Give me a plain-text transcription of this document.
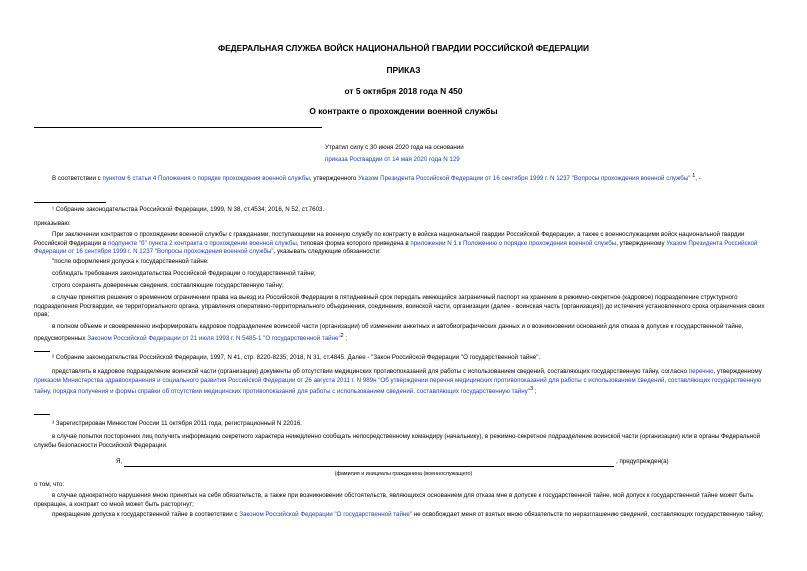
ФЕДЕРАЛЬНАЯ СЛУЖБА ВОЙСК НАЦИОНАЛЬНОЙ ГВАРДИИ РОССИЙСКОЙ ФЕДЕРАЦИИ
ПРИКАЗ
от 5 октября 2018 года N 450
О контракте о прохождении военной службы
Утратил силу с 30 июня 2020 года на основании
приказа Росгвардии от 14 мая 2020 года N 129
В соответствии с пунктом 6 статьи 4 Положения о порядке прохождения военной службы, утвержденного Указом Президента Российской Федерации от 16 сентября 1999 г. N 1237 "Вопросы прохождения военной службы" $^1$, -
¹ Собрание законодательства Российской Федерации, 1999, N 38, ст.4534; 2016, N 52, ст.7603.
приказываю:
При заключении контрактов о прохождении военной службы с гражданами, поступающими на военную службу по контракту в войска национальной гвардии Российской Федерации, а также с военнослужащими войск национальной гвардии Российской Федерации в подпункте "б" пункта 2 контракта о прохождении военной службы, типовая форма которого приведена в приложении N 1 к Положению о порядке прохождения военной службы, утвержденному Указом Президента Российской Федерации от 16 сентября 1999 г. N 1237 "Вопросы прохождения военной службы", указывать следующие обязанности:
"после оформления допуска к государственной тайне:
соблюдать требования законодательства Российской Федерации о государственной тайне;
строго сохранять доверенные сведения, составляющие государственную тайну;
в случае принятия решения о временном ограничении права на выезд из Российской Федерации в пятидневный срок передать имеющийся заграничный паспорт на хранение в режимно-секретное (кадровое) подразделение структурного подразделения Росгвардии, ее территориального органа, управления оперативно-территориального объединения, соединения, воинской части, организации (далее - воинская часть (организация)) до истечения установленного срока ограничения своих прав;
в полном объеме и своевременно информировать кадровое подразделение воинской части (организации) об изменении анкетных и автобиографических данных и о возникновении оснований для отказа в допуске к государственной тайне, предусмотренных Законом Российской Федерации от 21 июля 1993 г. N 5485-1 "О государственной тайне"$^2$ ;
² Собрание законодательства Российской Федерации, 1997, N 41, стр. 8220-8235; 2018, N 31, ст.4845. Далее - "Закон Российской Федерации "О государственной тайне".
представлять в кадровое подразделение воинской части (организации) документы об отсутствии медицинских противопоказаний для работы с использованием сведений, составляющих государственную тайну, согласно перечню, утвержденному приказом Министерства здравоохранения и социального развития Российской Федерации от 26 августа 2011 г. N 989н "Об утверждении перечня медицинских противопоказаний для работы с использованием сведений, составляющих государственную тайну, порядка получения и формы справки об отсутствии медицинских противопоказаний для работы с использованием сведений, составляющих государственную тайну"$^3$ ;
³ Зарегистрирован Минюстом России 11 октября 2011 года, регистрационный N 22016.
в случае попытки посторонних лиц получить информацию секретного характера немедленно сообщать непосредственному командиру (начальнику), в режимно-секретное подразделение воинской части (организации) или в органы Федеральной службы безопасности Российской Федерации.
Я,	, предупрежден(а)
(фамилия и инициалы гражданина (военнослужащего)
о том, что:
в случае однократного нарушения мною принятых на себя обязательств, а также при возникновении обстоятельств, являющихся основанием для отказа мне в допуске к государственной тайне, мой допуск к государственной тайне может быть прекращен, а контракт со мной может быть расторгнут;
прекращение допуска к государственной тайне в соответствии с Законом Российской Федерации "О государственной тайне" не освобождает меня от взятых мною обязательств по неразглашению сведений, составляющих государственную тайну;
